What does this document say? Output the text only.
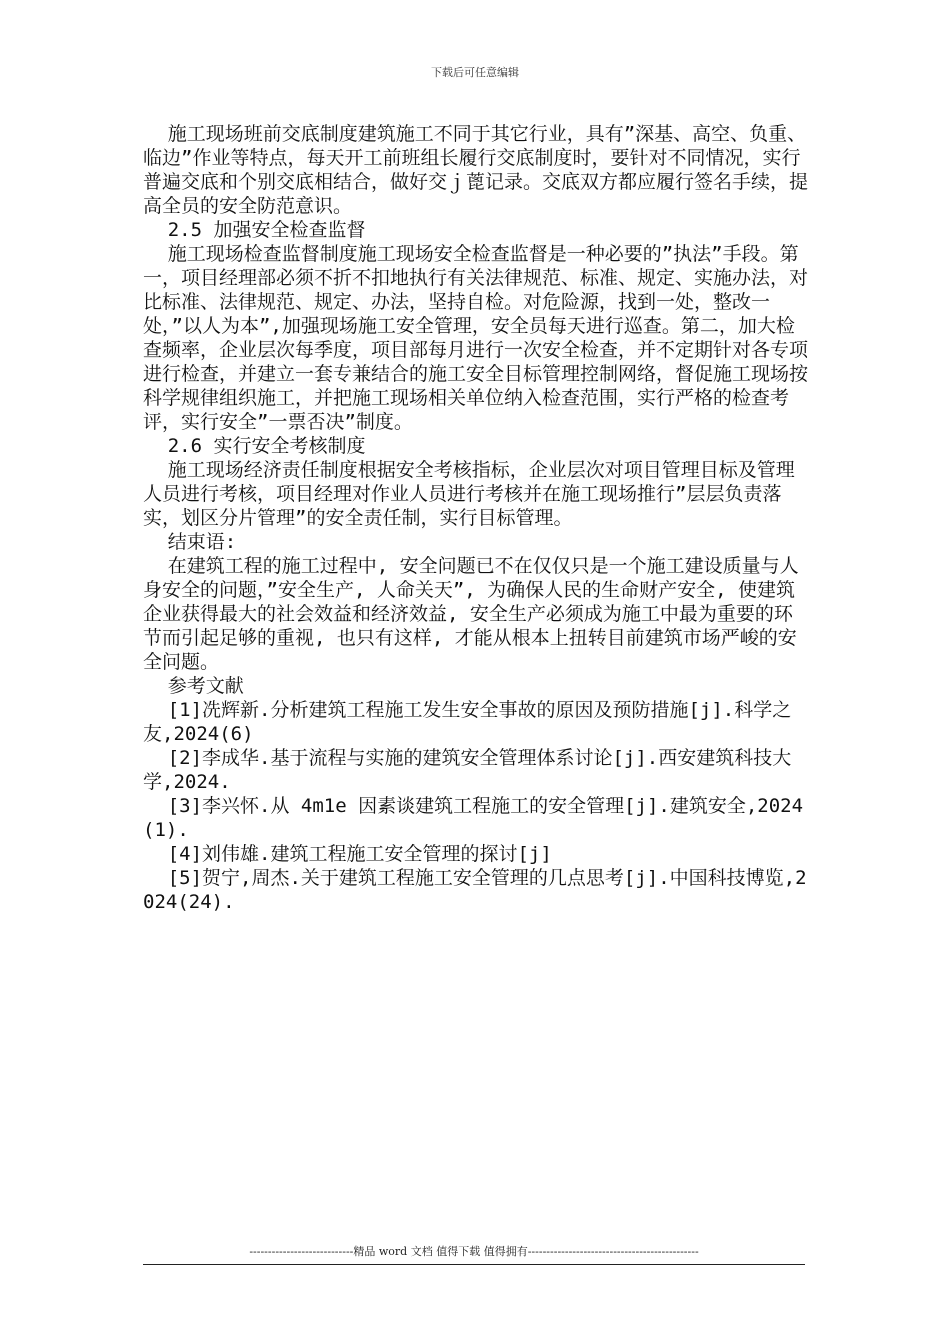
下载后可任意编辑

施工现场班前交底制度建筑施工不同于其它行业，具有”深基、高空、负重、临边”作业等特点，每天开工前班组长履行交底制度时，要针对不同情况，实行普遍交底和个别交底相结合，做好交ｊ蓖记录。交底双方都应履行签名手续，提高全员的安全防范意识。

2.5 加强安全检查监督

施工现场检查监督制度施工现场安全检查监督是一种必要的”执法”手段。第一，项目经理部必须不折不扣地执行有关法律规范、标准、规定、实施办法，对比标准、法律规范、规定、办法，坚持自检。对危险源，找到一处，整改一处，”以人为本”,加强现场施工安全管理，安全员每天进行巡查。第二，加大检查频率，企业层次每季度，项目部每月进行一次安全检查，并不定期针对各专项进行检查，并建立一套专兼结合的施工安全目标管理控制网络，督促施工现场按科学规律组织施工，并把施工现场相关单位纳入检查范围，实行严格的检查考评，实行安全”一票否决”制度。

2.6 实行安全考核制度

施工现场经济责任制度根据安全考核指标，企业层次对项目管理目标及管理人员进行考核，项目经理对作业人员进行考核并在施工现场推行”层层负责落实，划区分片管理”的安全责任制，实行目标管理。

结束语:

在建筑工程的施工过程中, 安全问题已不在仅仅只是一个施工建设质量与人身安全的问题，”安全生产, 人命关天”, 为确保人民的生命财产安全, 使建筑企业获得最大的社会效益和经济效益, 安全生产必须成为施工中最为重要的环节而引起足够的重视, 也只有这样, 才能从根本上扭转目前建筑市场严峻的安全问题。

参考文献

[1]冼辉新.分析建筑工程施工发生安全事故的原因及预防措施[j].科学之友,2024(6)

[2]李成华.基于流程与实施的建筑安全管理体系讨论[j].西安建筑科技大学,2024.

[3]李兴怀.从 4m1e 因素谈建筑工程施工的安全管理[j].建筑安全,2024(1).

[4]刘伟雄.建筑工程施工安全管理的探讨[j]

[5]贺宁,周杰.关于建筑工程施工安全管理的几点思考[j].中国科技博览,2024(24).

----------------------------精品 word 文档 值得下载 值得拥有----------------------------------------------
